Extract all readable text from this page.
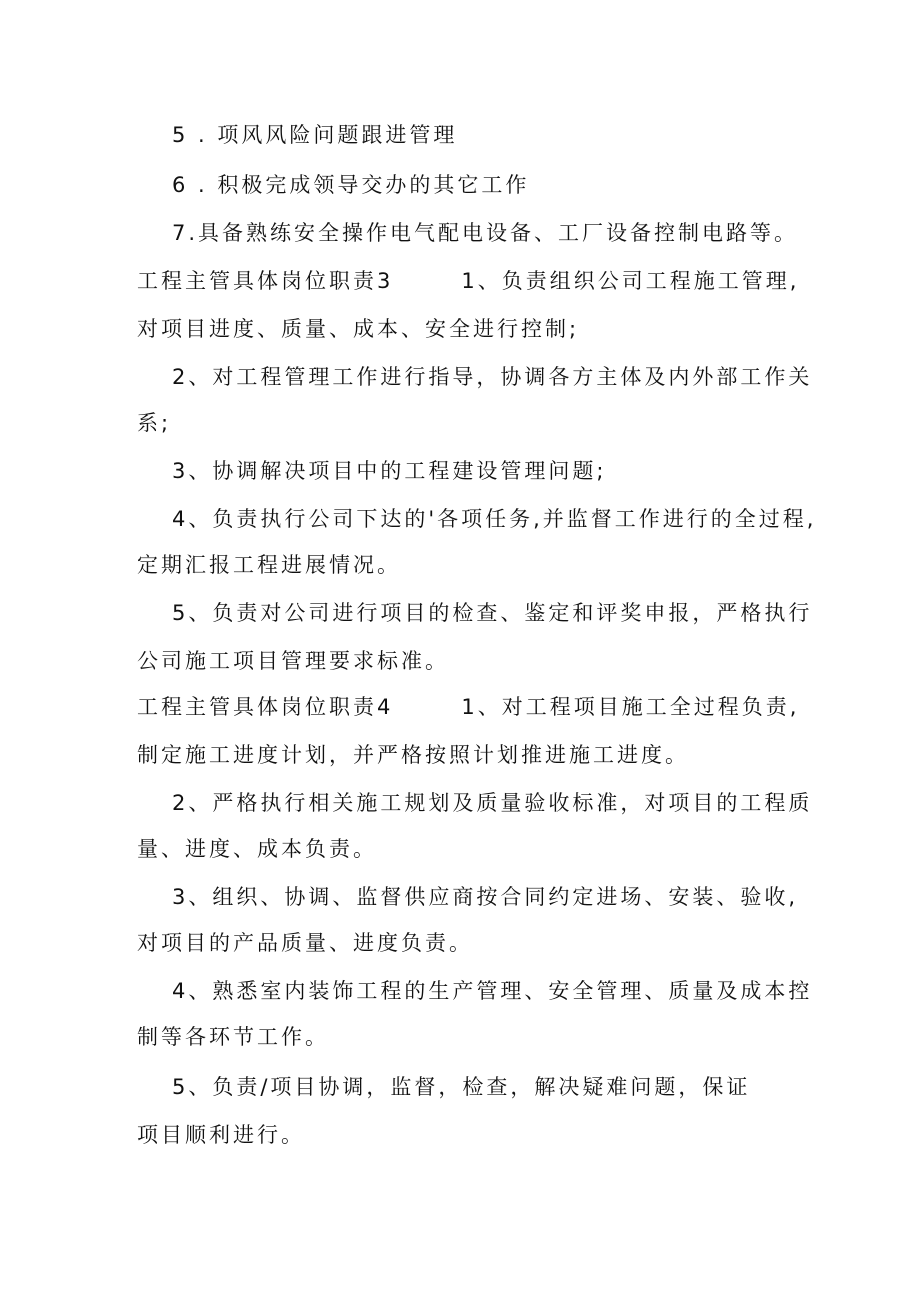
5 . 项风风险问题跟进管理
6 . 积极完成领导交办的其它工作
7.具备熟练安全操作电气配电设备、工厂设备控制电路等。
工程主管具体岗位职责3	1、负责组织公司工程施工管理,
对项目进度、质量、成本、安全进行控制;
2、对工程管理工作进行指导，协调各方主体及内外部工作关
系;
3、协调解决项目中的工程建设管理问题;
4、负责执行公司下达的'各项任务,并监督工作进行的全过程,
定期汇报工程进展情况。
5、负责对公司进行项目的检查、鉴定和评奖申报，严格执行
公司施工项目管理要求标准。
工程主管具体岗位职责4	1、对工程项目施工全过程负责,
制定施工进度计划，并严格按照计划推进施工进度。
2、严格执行相关施工规划及质量验收标准，对项目的工程质
量、进度、成本负责。
3、组织、协调、监督供应商按合同约定进场、安装、验收,
对项目的产品质量、进度负责。
4、熟悉室内装饰工程的生产管理、安全管理、质量及成本控
制等各环节工作。
5、负责/项目协调，监督，检查，解决疑难问题，保证
项目顺利进行。
